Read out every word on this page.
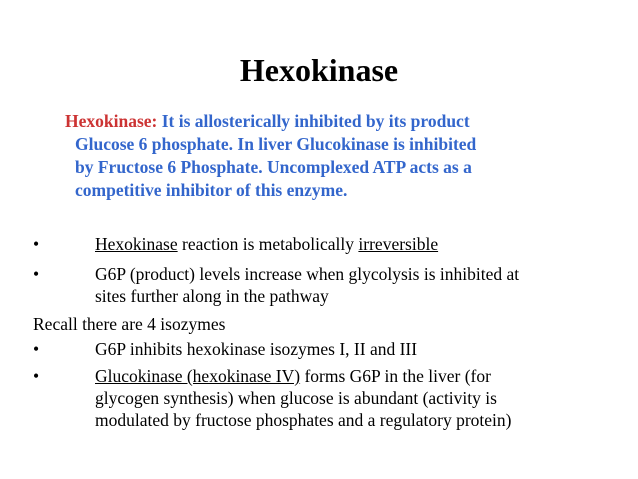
Hexokinase
Hexokinase: It is allosterically inhibited by its product
Glucose 6 phosphate. In liver Glucokinase is inhibited
by Fructose 6 Phosphate. Uncomplexed ATP acts as a
competitive inhibitor of this enzyme.
•	Hexokinase reaction is metabolically irreversible
•	G6P (product) levels increase when glycolysis is inhibited at
sites further along in the pathway
Recall there are 4 isozymes
•	G6P inhibits hexokinase isozymes I, II and III
•	Glucokinase (hexokinase IV) forms G6P in the liver (for
glycogen synthesis) when glucose is abundant (activity is
modulated by fructose phosphates and a regulatory protein)
